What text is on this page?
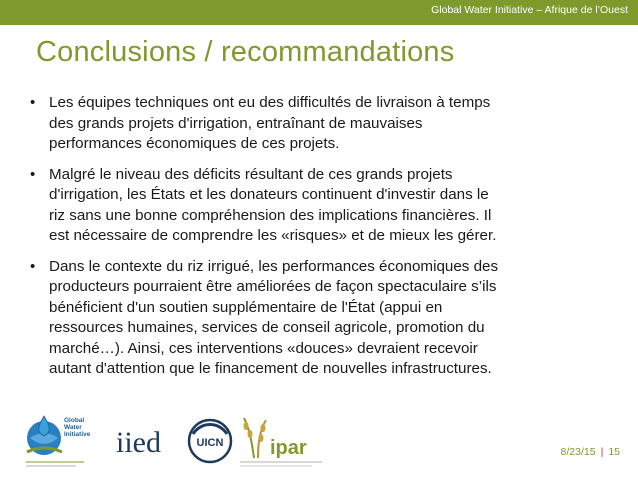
Global Water Initiative – Afrique de l’Ouest
Conclusions / recommandations
• Les équipes techniques ont eu des difficultés de livraison à temps
des grands projets d'irrigation, entraînant de mauvaises
performances économiques de ces projets.
• Malgré le niveau des déficits résultant de ces grands projets
d'irrigation, les États et les donateurs continuent d'investir dans le
riz sans une bonne compréhension des implications financières. Il
est nécessaire de comprendre les «risques» et de mieux les gérer.
• Dans le contexte du riz irrigué, les performances économiques des
producteurs pourraient être améliorées de façon spectaculaire s’ils
bénéficient d'un soutien supplémentaire de l'État (appui en
ressources humaines, services de conseil agricole, promotion du
marché…). Ainsi, ces interventions «douces» devraient recevoir
autant d'attention que le financement de nouvelles infrastructures.
Global
Water
Initiative iied	UICN ipar	8/23/15 | 15
